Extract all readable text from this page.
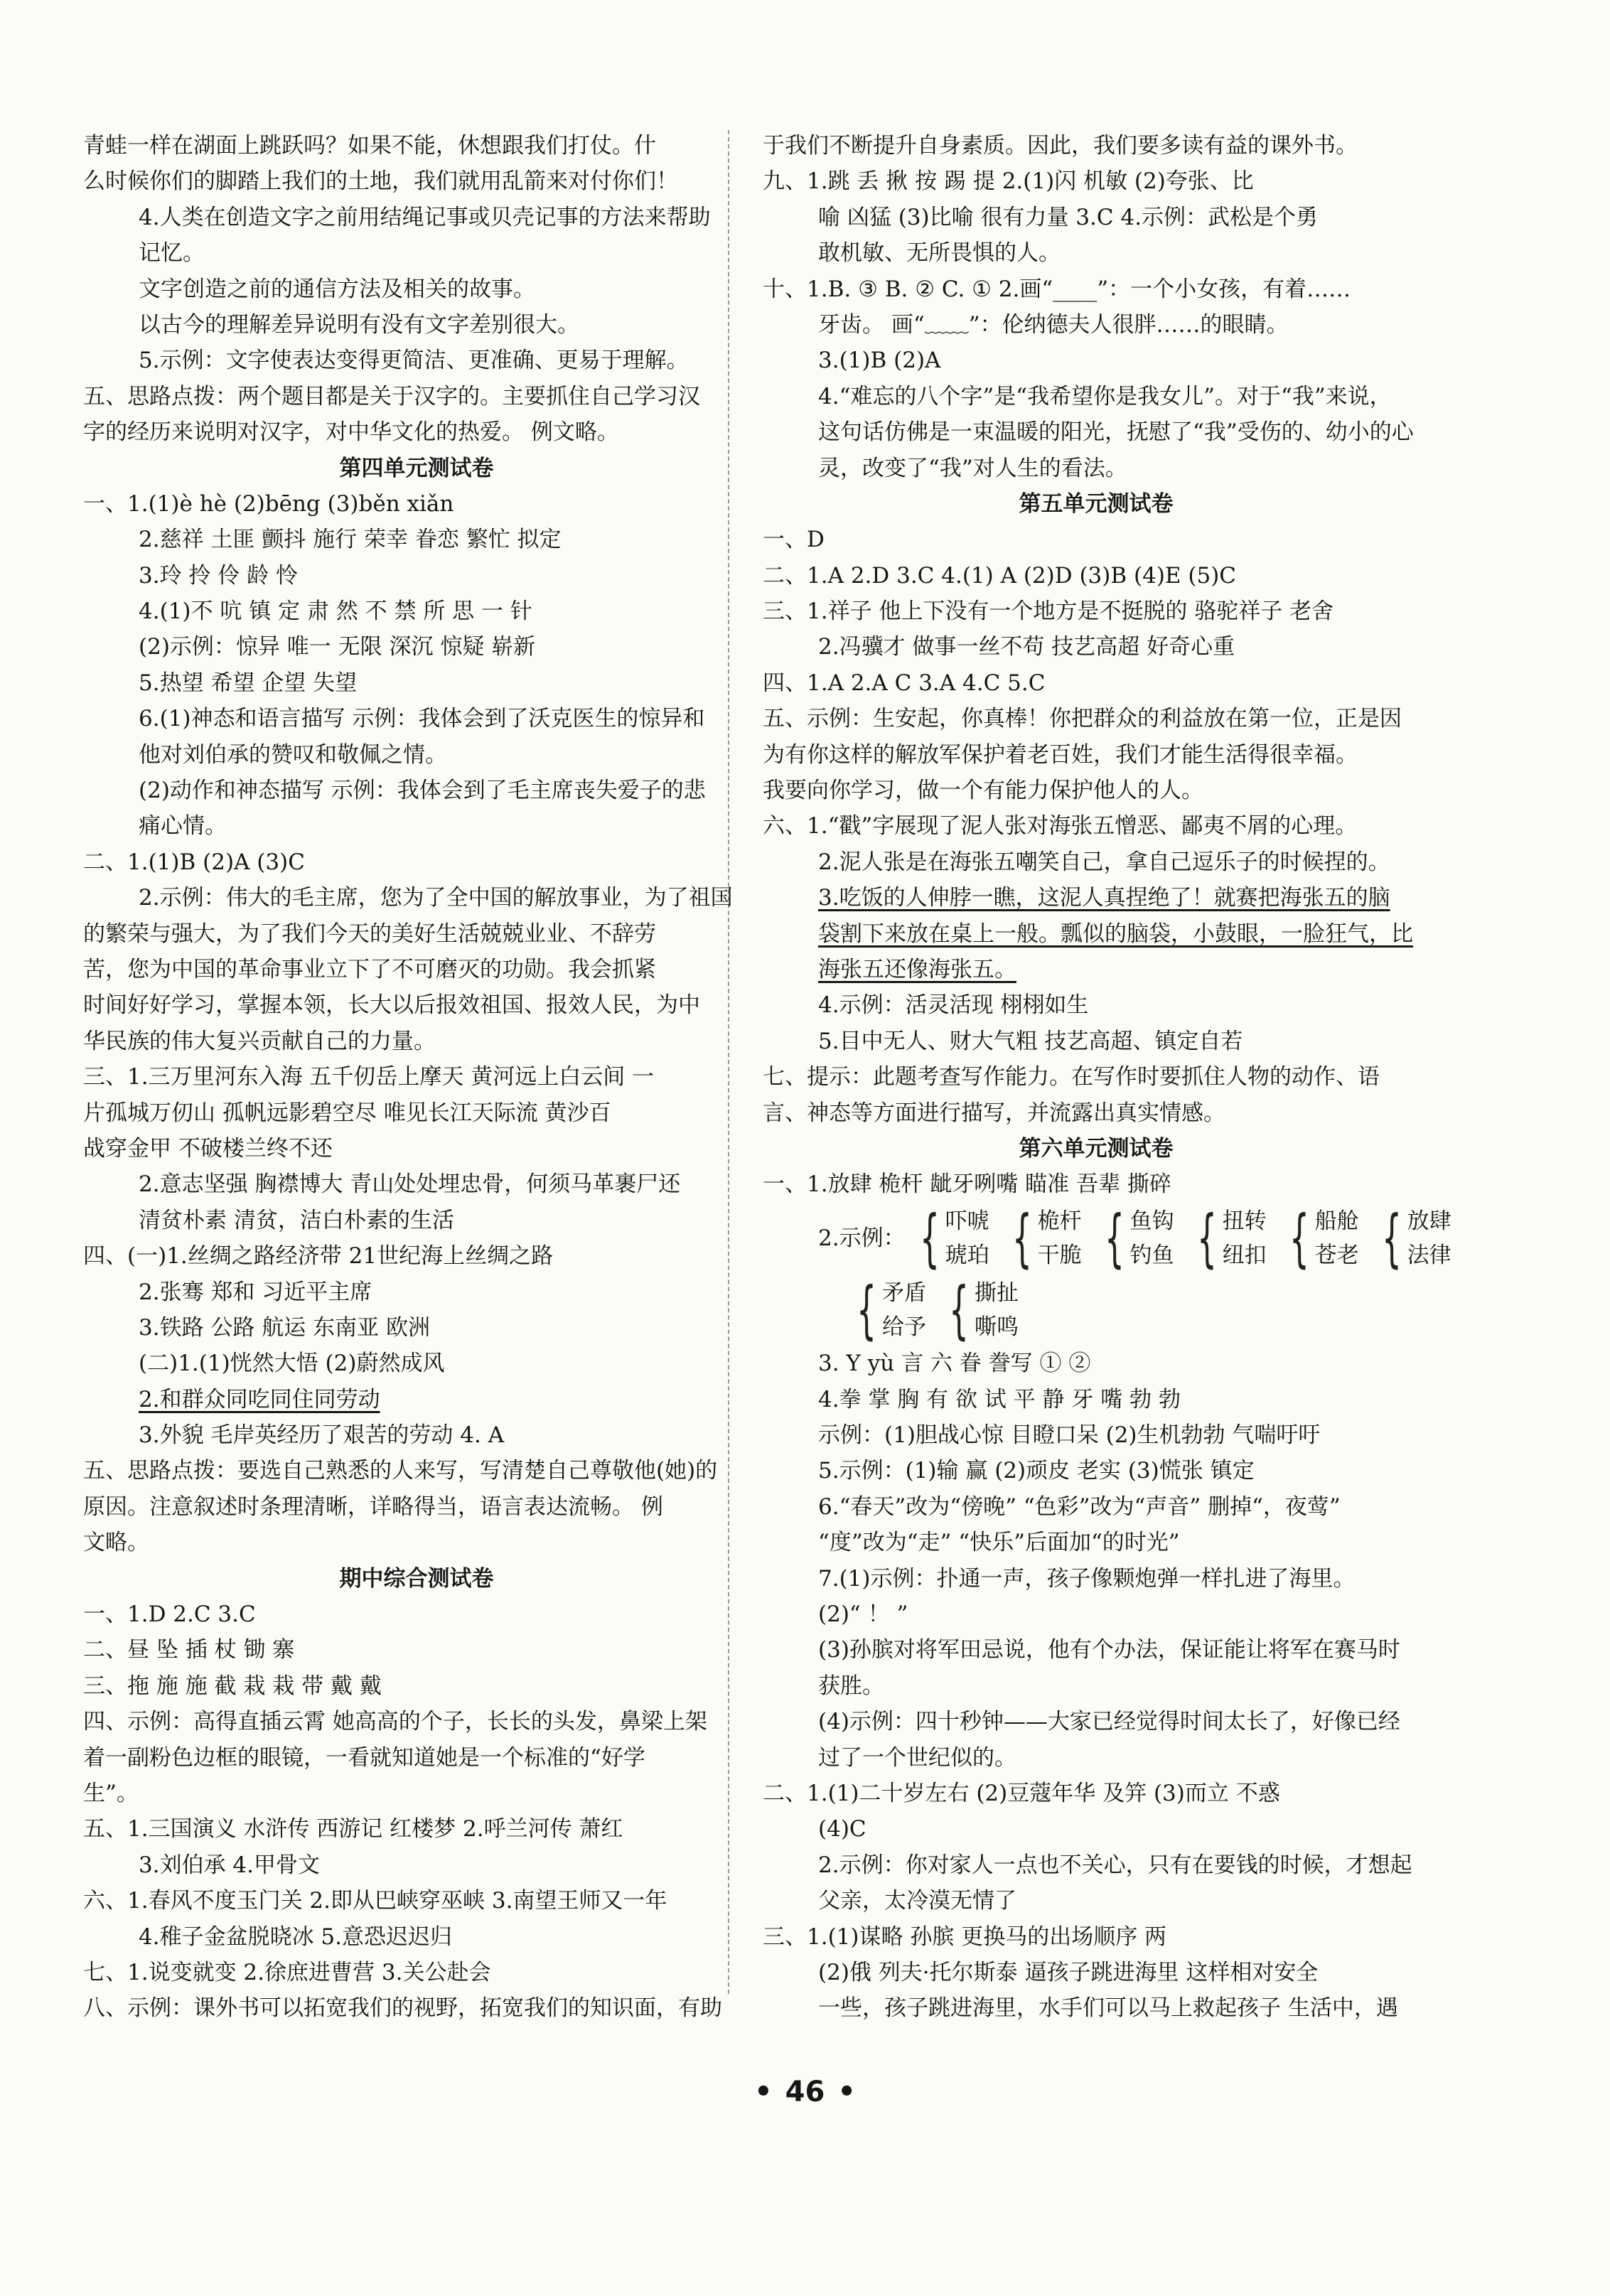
青蛙一样在湖面上跳跃吗？如果不能，休想跟我们打仗。什
么时候你们的脚踏上我们的土地，我们就用乱箭来对付你们！
4.人类在创造文字之前用结绳记事或贝壳记事的方法来帮助
记忆。
文字创造之前的通信方法及相关的故事。
以古今的理解差异说明有没有文字差别很大。
5.示例：文字使表达变得更简洁、更准确、更易于理解。
五、思路点拨：两个题目都是关于汉字的。主要抓住自己学习汉
字的经历来说明对汉字，对中华文化的热爱。 例文略。
第四单元测试卷
一、1.(1)è hè (2)bēng (3)běn xiǎn
2.慈祥 土匪 颤抖 施行 荣幸 眷恋 繁忙 拟定
3.玲 拎 伶 龄 怜
4.(1)不 吭 镇 定 肃 然 不 禁 所 思 一 针
(2)示例：惊异 唯一 无限 深沉 惊疑 崭新
5.热望 希望 企望 失望
6.(1)神态和语言描写 示例：我体会到了沃克医生的惊异和
他对刘伯承的赞叹和敬佩之情。
(2)动作和神态描写 示例：我体会到了毛主席丧失爱子的悲
痛心情。
二、1.(1)B (2)A (3)C
2.示例：伟大的毛主席，您为了全中国的解放事业，为了祖国
的繁荣与强大，为了我们今天的美好生活兢兢业业、不辞劳
苦，您为中国的革命事业立下了不可磨灭的功勋。我会抓紧
时间好好学习，掌握本领，长大以后报效祖国、报效人民，为中
华民族的伟大复兴贡献自己的力量。
三、1.三万里河东入海 五千仞岳上摩天 黄河远上白云间 一
片孤城万仞山 孤帆远影碧空尽 唯见长江天际流 黄沙百
战穿金甲 不破楼兰终不还
2.意志坚强 胸襟博大 青山处处埋忠骨，何须马革裹尸还
清贫朴素 清贫，洁白朴素的生活
四、(一)1.丝绸之路经济带 21世纪海上丝绸之路
2.张骞 郑和 习近平主席
3.铁路 公路 航运 东南亚 欧洲
(二)1.(1)恍然大悟 (2)蔚然成风
2.和群众同吃同住同劳动
3.外貌 毛岸英经历了艰苦的劳动 4. A
五、思路点拨：要选自己熟悉的人来写，写清楚自己尊敬他(她)的
原因。注意叙述时条理清晰，详略得当，语言表达流畅。 例
文略。
期中综合测试卷
一、1.D 2.C 3.C
二、昼 坠 插 杖 锄 寨
三、拖 施 施 截 栽 栽 带 戴 戴
四、示例：高得直插云霄 她高高的个子，长长的头发，鼻梁上架
着一副粉色边框的眼镜，一看就知道她是一个标准的“好学
生”。
五、1.三国演义 水浒传 西游记 红楼梦 2.呼兰河传 萧红
3.刘伯承 4.甲骨文
六、1.春风不度玉门关 2.即从巴峡穿巫峡 3.南望王师又一年
4.稚子金盆脱晓冰 5.意恐迟迟归
七、1.说变就变 2.徐庶进曹营 3.关公赴会
八、示例：课外书可以拓宽我们的视野，拓宽我们的知识面，有助
于我们不断提升自身素质。因此，我们要多读有益的课外书。
九、1.跳 丢 揪 按 踢 提 2.(1)闪 机敏 (2)夸张、比
喻 凶猛 (3)比喻 很有力量 3.C 4.示例：武松是个勇
敢机敏、无所畏惧的人。
十、1.B. ③ B. ② C. ① 2.画“____”：一个小女孩，有着……
牙齿。 画“﹏﹏”：伦纳德夫人很胖……的眼睛。
3.(1)B (2)A
4.“难忘的八个字”是“我希望你是我女儿”。对于“我”来说，
这句话仿佛是一束温暖的阳光，抚慰了“我”受伤的、幼小的心
灵，改变了“我”对人生的看法。
第五单元测试卷
一、D
二、1.A 2.D 3.C 4.(1) A (2)D (3)B (4)E (5)C
三、1.祥子 他上下没有一个地方是不挺脱的 骆驼祥子 老舍
2.冯骥才 做事一丝不苟 技艺高超 好奇心重
四、1.A 2.A C 3.A 4.C 5.C
五、示例：生安起，你真棒！你把群众的利益放在第一位，正是因
为有你这样的解放军保护着老百姓，我们才能生活得很幸福。
我要向你学习，做一个有能力保护他人的人。
六、1.“戳”字展现了泥人张对海张五憎恶、鄙夷不屑的心理。
2.泥人张是在海张五嘲笑自己，拿自己逗乐子的时候捏的。
3.吃饭的人伸脖一瞧，这泥人真捏绝了！就赛把海张五的脑
袋割下来放在桌上一般。瓢似的脑袋，小鼓眼，一脸狂气，比
海张五还像海张五。
4.示例：活灵活现 栩栩如生
5.目中无人、财大气粗 技艺高超、镇定自若
七、提示：此题考查写作能力。在写作时要抓住人物的动作、语
言、神态等方面进行描写，并流露出真实情感。
第六单元测试卷
一、1.放肆 桅杆 龇牙咧嘴 瞄准 吾辈 撕碎
2.示例： { 吓唬
琥珀 { 桅杆
干脆 { 鱼钩
钓鱼 { 扭转
纽扣 { 船舱
苍老 { 放肆
法律
{ 矛盾
给予 { 撕扯
嘶鸣
3. Y yù 言 六 眷 誊写 ① ②
4.拳 掌 胸 有 欲 试 平 静 牙 嘴 勃 勃
示例：(1)胆战心惊 目瞪口呆 (2)生机勃勃 气喘吁吁
5.示例：(1)输 赢 (2)顽皮 老实 (3)慌张 镇定
6.“春天”改为“傍晚” “色彩”改为“声音” 删掉“，夜莺”
“度”改为“走” “快乐”后面加“的时光”
7.(1)示例：扑通一声，孩子像颗炮弹一样扎进了海里。
(2)“ ！ ”
(3)孙膑对将军田忌说，他有个办法，保证能让将军在赛马时
获胜。
(4)示例：四十秒钟——大家已经觉得时间太长了，好像已经
过了一个世纪似的。
二、1.(1)二十岁左右 (2)豆蔻年华 及笄 (3)而立 不惑
(4)C
2.示例：你对家人一点也不关心，只有在要钱的时候，才想起
父亲，太冷漠无情了
三、1.(1)谋略 孙膑 更换马的出场顺序 两
(2)俄 列夫·托尔斯泰 逼孩子跳进海里 这样相对安全
一些，孩子跳进海里，水手们可以马上救起孩子 生活中，遇
• 46 •
